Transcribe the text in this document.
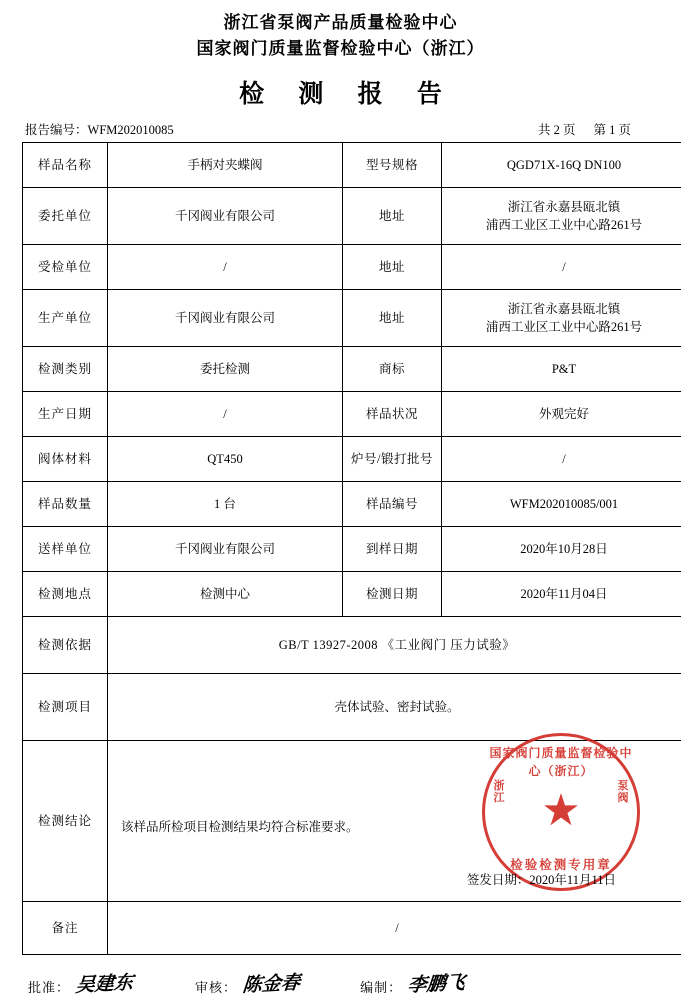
浙江省泵阀产品质量检验中心
国家阀门质量监督检验中心（浙江）
检 测 报 告
报告编号：WFM202010085	共 2 页 第 1 页
样品名称	手柄对夹蝶阀	型号规格	QGD71X-16Q DN100
委托单位	千冈阀业有限公司	地址	浙江省永嘉县瓯北镇
浦西工业区工业中心路261号

受检单位	/	地址	/
生产单位	千冈阀业有限公司	地址	浙江省永嘉县瓯北镇
浦西工业区工业中心路261号

检测类别	委托检测	商标	P&T
生产日期	/	样品状况	外观完好
阀体材料	QT450	炉号/锻打批号	/
样品数量	1 台	样品编号	WFM202010085/001
送样单位	千冈阀业有限公司	到样日期	2020年10月28日
检测地点	检测中心	检测日期	2020年11月04日
检测依据	GB/T 13927-2008 《工业阀门 压力试验》		
检测项目	壳体试验、密封试验。		
检测结论	该样品所检项目检测结果均符合标准要求。
国家阀门质量监督检验中心（浙江）
浙江
泵阀
★
检验检测专用章
签发日期：2020年11月11日

备注	/		
批准： 吴建东	审核： 陈金春	编制： 李鹏飞
